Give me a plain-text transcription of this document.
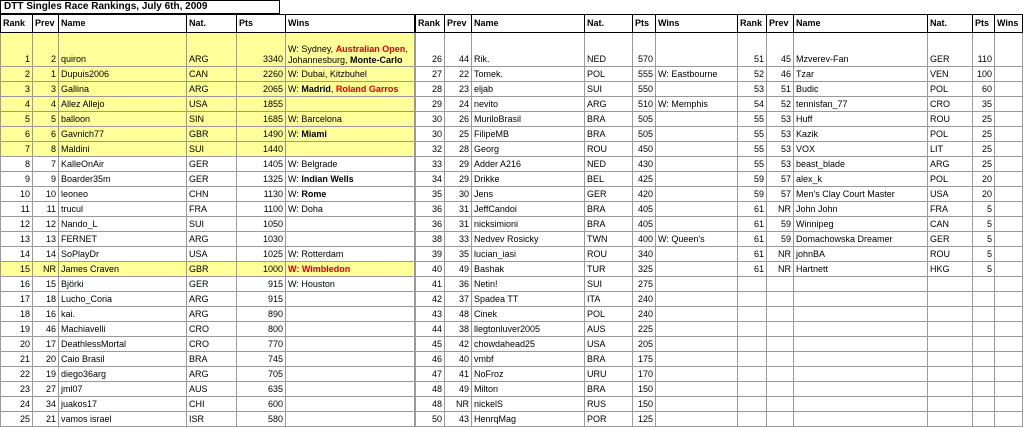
DTT Singles Race Rankings, July 6th, 2009
Rank	Prev	Name	Nat.	Pts	Wins
1	2	quiron	ARG	3340	W: Sydney, Australian Open, Johannesburg, Monte-Carlo
2	1	Dupuis2006	CAN	2260	W: Dubai, Kitzbuhel
3	3	Gallina	ARG	2065	W: Madrid, Roland Garros
4	4	Allez Allejo	USA	1855	
5	5	balloon	SIN	1685	W: Barcelona
6	6	Gavnich77	GBR	1490	W: Miami
7	8	Maldini	SUI	1440	
8	7	KalleOnAir	GER	1405	W: Belgrade
9	9	Boarder35m	GER	1325	W: Indian Wells
10	10	leoneo	CHN	1130	W: Rome
11	11	trucul	FRA	1100	W: Doha
12	12	Nando_L	SUI	1050	
13	13	FERNET	ARG	1030	
14	14	SoPlayDr	USA	1025	W: Rotterdam
15	NR	James Craven	GBR	1000	W: Wimbledon
16	15	Björki	GER	915	W: Houston
17	18	Lucho_Coria	ARG	915	
18	16	kai.	ARG	890	
19	46	Machiavelli	CRO	800	
20	17	DeathlessMortal	CRO	770	
21	20	Caio Brasil	BRA	745	
22	19	diego36arg	ARG	705	
23	27	jml07	AUS	635	
24	34	juakos17	CHI	600	
25	21	vamos israel	ISR	580	
Rank	Prev	Name	Nat.	Pts	Wins
26	44	Rik.	NED	570	
27	22	Tomek.	POL	555	W: Eastbourne
28	23	eljab	SUI	550	
29	24	nevito	ARG	510	W: Memphis
30	26	MuriloBrasil	BRA	505	
30	25	FilipeMB	BRA	505	
32	28	Georg	ROU	450	
33	29	Adder A216	NED	430	
34	29	Drikke	BEL	425	
35	30	Jens	GER	420	
36	31	JeffCandoi	BRA	405	
36	31	nicksimioni	BRA	405	
38	33	Nedvev Rosicky	TWN	400	W: Queen's
39	35	lucian_iasi	ROU	340	
40	49	Bashak	TUR	325	
41	36	Netin!	SUI	275	
42	37	Spadea TT	ITA	240	
43	48	Cinek	POL	240	
44	38	llegtonluver2005	AUS	225	
45	42	chowdahead25	USA	205	
46	40	vmbf	BRA	175	
47	41	NoFroz	URU	170	
48	49	Milton	BRA	150	
48	NR	nickelS	RUS	150	
50	43	HenrqMag	POR	125	
Rank	Prev	Name	Nat.	Pts	Wins
51	45	Mzverev-Fan	GER	110	
52	46	Tzar	VEN	100	
53	51	Budic	POL	60	
54	52	tennisfan_77	CRO	35	
55	53	Huff	ROU	25	
55	53	Kazik	POL	25	
55	53	VOX	LIT	25	
55	53	beast_blade	ARG	25	
59	57	alex_k	POL	20	
59	57	Men's Clay Court Master	USA	20	
61	NR	John John	FRA	5	
61	59	Winnipeg	CAN	5	
61	59	Domachowska Dreamer	GER	5	
61	NR	johnBA	ROU	5	
61	NR	Hartnett	HKG	5	
